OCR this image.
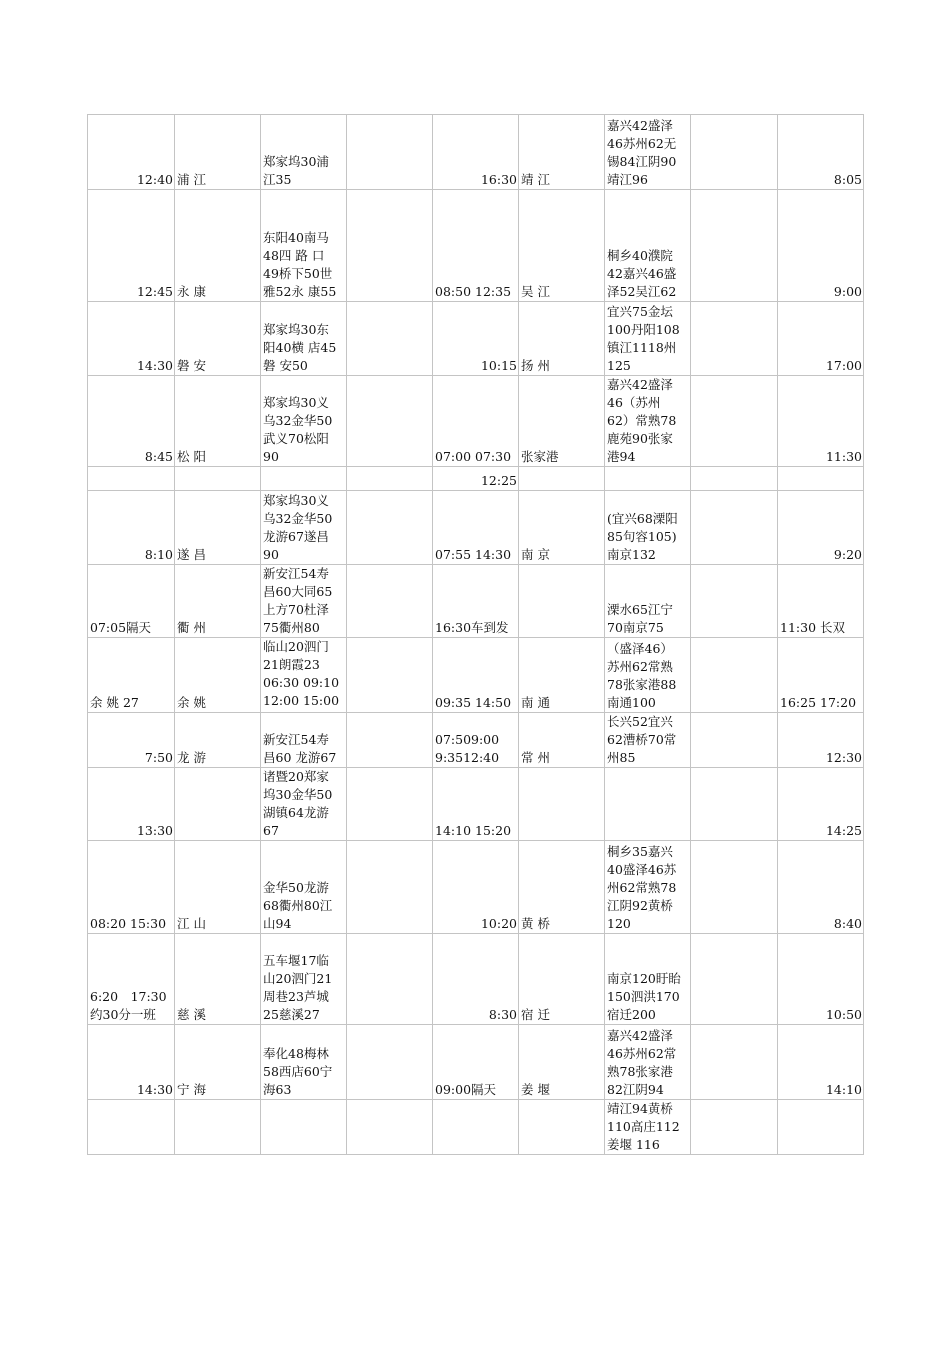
12:40	浦 江	郑家坞30浦
江35		16:30	靖 江	嘉兴42盛泽
46苏州62无
锡84江阴90
靖江96		8:05
12:45	永 康	东阳40南马
48四 路 口
49桥下50世
雅52永 康55		08:50 12:35	吴 江	桐乡40濮院
42嘉兴46盛
泽52吴江62		9:00
14:30	磐 安	郑家坞30东
阳40横 店45
磐 安50		10:15	扬 州	宜兴75金坛
100丹阳108
镇江1118州
125		17:00
8:45	松 阳	郑家坞30义
乌32金华50
武义70松阳
90		07:00 07:30	张家港	嘉兴42盛泽
46（苏州
62）常熟78
鹿苑90张家
港94		11:30
				12:25				
8:10	遂 昌	郑家坞30义
乌32金华50
龙游67遂昌
90		07:55 14:30	南 京	(宜兴68溧阳
85句容105)
南京132		9:20
07:05隔天	衢 州	新安江54寿
昌60大同65
上方70杜泽
75衢州80		16:30车到发		溧水65江宁
70南京75		11:30 长双
余 姚 27	余 姚	临山20泗门
21朗霞23
06:30 09:10
12:00 15:00		09:35 14:50	南 通	（盛泽46）
苏州62常熟
78张家港88
南通100		16:25 17:20
7:50	龙 游	新安江54寿
昌60 龙游67		07:509:00
9:3512:40	常 州	长兴52宜兴
62漕桥70常
州85		12:30
13:30		诸暨20郑家
坞30金华50
湖镇64龙游
67		14:10 15:20				14:25
08:20 15:30	江 山	金华50龙游
68衢州80江
山94		10:20	黄 桥	桐乡35嘉兴
40盛泽46苏
州62常熟78
江阴92黄桥
120		8:40
6:20　17:30
约30分一班	慈 溪	五车堰17临
山20泗门21
周巷23芦城
25慈溪27		8:30	宿 迁	南京120盱眙
150泗洪170
宿迁200		10:50
14:30	宁 海	奉化48梅林
58西店60宁
海63		09:00隔天	姜 堰	嘉兴42盛泽
46苏州62常
熟78张家港
82江阴94		14:10
						靖江94黄桥
110高庄112
姜堰 116		
